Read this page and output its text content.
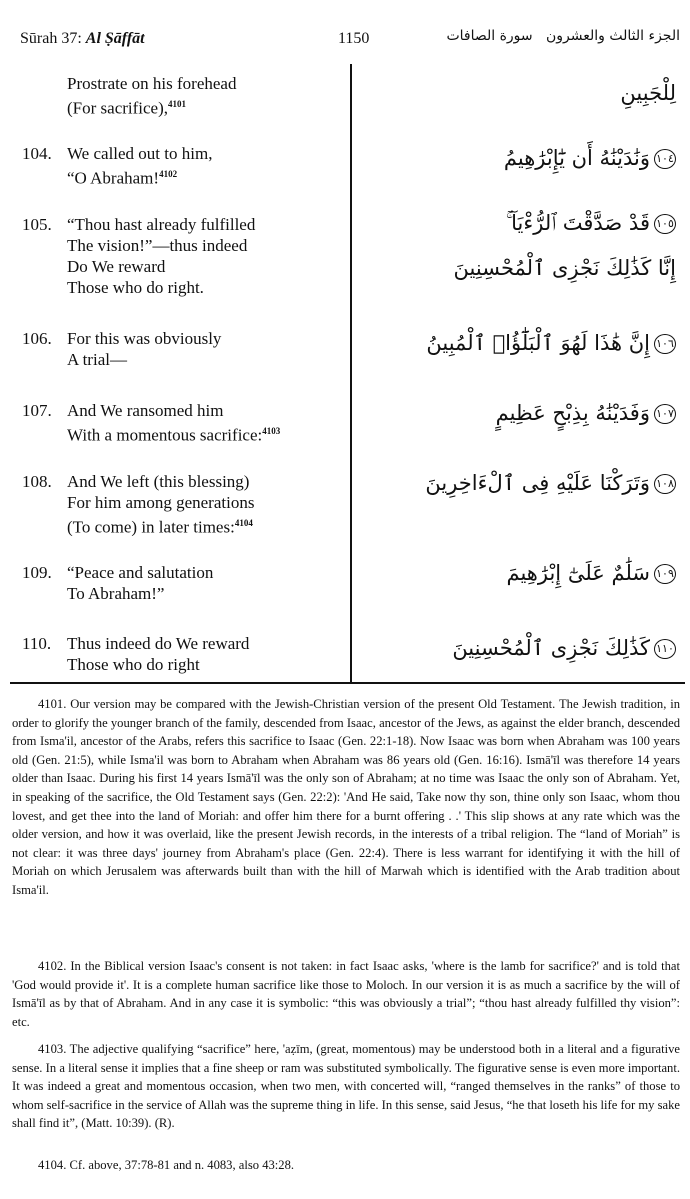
Sūrah 37: Al Ṣāffāt	1150	الجزء الثالث والعشرون   سورة الصافات
Prostrate on his forehead
(For sacrifice),$^{4101}$
104. We called out to him,
“O Abraham!$^{4102}$
105. “Thou hast already fulfilled
The vision!”—thus indeed
Do We reward
Those who do right.
106. For this was obviously
A trial—
107. And We ransomed him
With a momentous sacrifice:$^{4103}$
108. And We left (this blessing)
For him among generations
(To come) in later times:$^{4104}$
109. “Peace and salutation
To Abraham!”
110. Thus indeed do We reward
Those who do right
لِلْجَبِينِ
١٠٤وَنَٰدَيْنَٰهُ أَن يَٰٓإِبْرَٰهِيمُ
١٠٥قَدْ صَدَّقْتَ ٱلرُّءْيَآ ۚ
إِنَّا كَذَٰلِكَ نَجْزِى ٱلْمُحْسِنِينَ
١٠٦إِنَّ هَٰذَا لَهُوَ ٱلْبَلَٰٓؤُا۟ ٱلْمُبِينُ
١٠٧وَفَدَيْنَٰهُ بِذِبْحٍ عَظِيمٍ
١٠٨وَتَرَكْنَا عَلَيْهِ فِى ٱلْءَاخِرِينَ
١٠٩سَلَٰمٌ عَلَىٰٓ إِبْرَٰهِيمَ
١١٠كَذَٰلِكَ نَجْزِى ٱلْمُحْسِنِينَ

4101. Our version may be compared with the Jewish-Christian version of the present Old Testament. The Jewish tradition, in order to glorify the younger branch of the family, descended from Isaac, ancestor of the Jews, as against the elder branch, descended from Isma'il, ancestor of the Arabs, refers this sacrifice to Isaac (Gen. 22:1-18). Now Isaac was born when Abraham was 100 years old (Gen. 21:5), while Isma'il was born to Abraham when Abraham was 86 years old (Gen. 16:16). Ismā'īl was therefore 14 years older than Isaac. During his first 14 years Ismā'īl was the only son of Abraham; at no time was Isaac the only son of Abraham. Yet, in speaking of the sacrifice, the Old Testament says (Gen. 22:2): 'And He said, Take now thy son, thine only son Isaac, whom thou lovest, and get thee into the land of Moriah: and offer him there for a burnt offering . .' This slip shows at any rate which was the older version, and how it was overlaid, like the present Jewish records, in the interests of a tribal religion. The “land of Moriah” is not clear: it was three days' journey from Abraham's place (Gen. 22:4). There is less warrant for identifying it with the hill of Moriah on which Jerusalem was afterwards built than with the hill of Marwah which is identified with the Arab tradition about Isma'il.

4102. In the Biblical version Isaac's consent is not taken: in fact Isaac asks, 'where is the lamb for sacrifice?' and is told that 'God would provide it'. It is a complete human sacrifice like those to Moloch. In our version it is as much a sacrifice by the will of Ismā'īl as by that of Abraham. And in any case it is symbolic: “this was obviously a trial”; “thou hast already fulfilled thy vision”: etc.

4103. The adjective qualifying “sacrifice” here, 'aẓīm, (great, momentous) may be understood both in a literal and a figurative sense. In a literal sense it implies that a fine sheep or ram was substituted symbolically. The figurative sense is even more important. It was indeed a great and momentous occasion, when two men, with concerted will, “ranged themselves in the ranks” of those to whom self-sacrifice in the service of Allah was the supreme thing in life. In this sense, said Jesus, “he that loseth his life for my sake shall find it”, (Matt. 10:39). (R).

4104. Cf. above, 37:78-81 and n. 4083, also 43:28.
